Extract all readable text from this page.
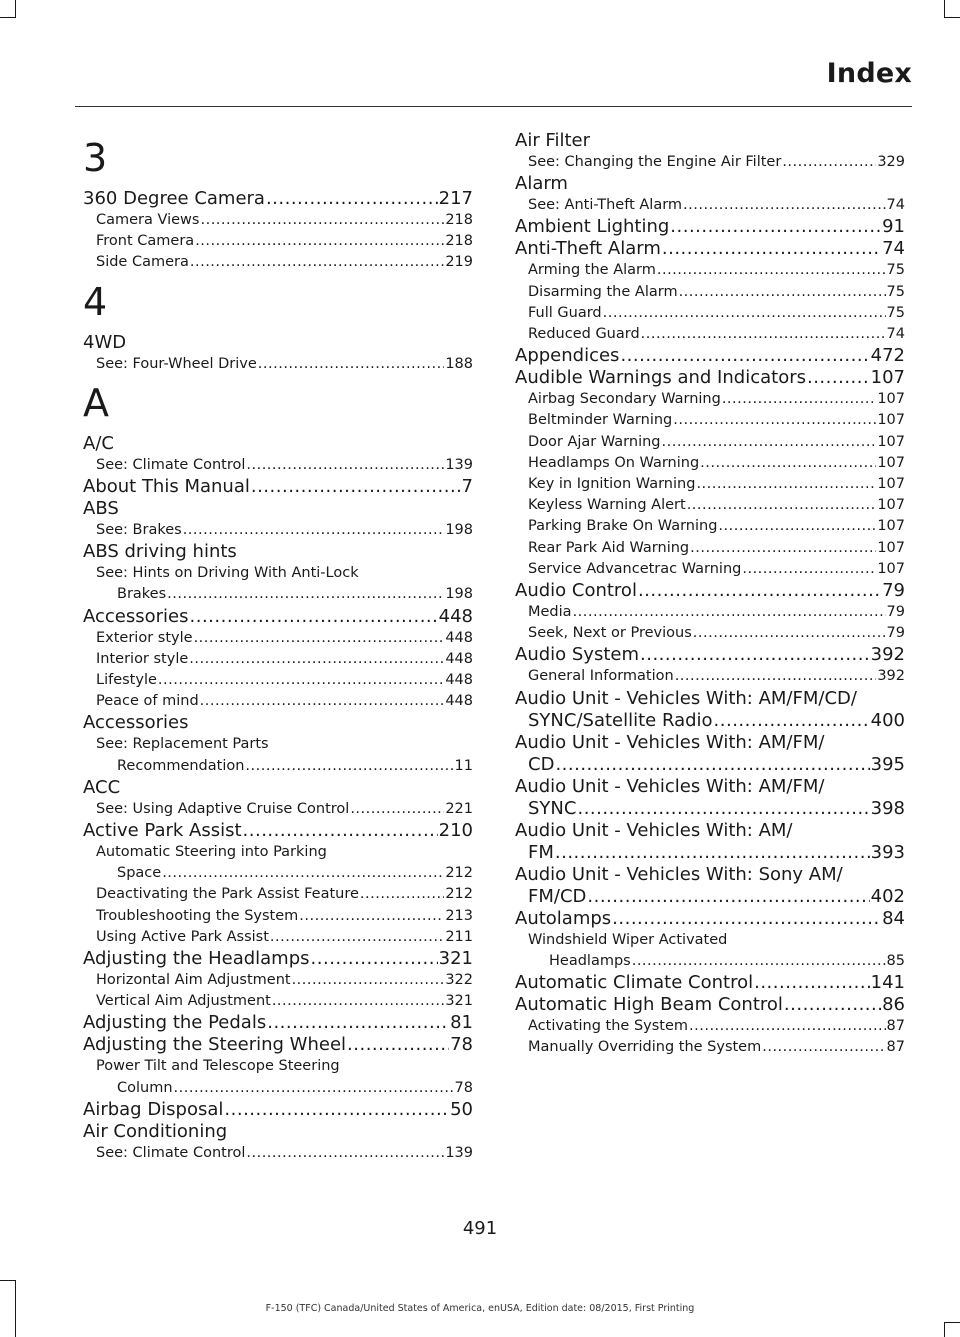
Index
3
360 Degree Camera .....	217
Camera Views .....	218
Front Camera .....	218
Side Camera .....	219
4
4WD
See: Four-Wheel Drive .....	188
A
A/C
See: Climate Control .....	139
About This Manual .....	7
ABS
See: Brakes .....	198
ABS driving hints
See: Hints on Driving With Anti-Lock
Brakes .....	198
Accessories .....	448
Exterior style .....	448
Interior style .....	448
Lifestyle .....	448
Peace of mind .....	448
Accessories
See: Replacement Parts
Recommendation .....	11
ACC
See: Using Adaptive Cruise Control .....	221
Active Park Assist .....	210
Automatic Steering into Parking
Space .....	212
Deactivating the Park Assist Feature .....	212
Troubleshooting the System .....	213
Using Active Park Assist .....	211
Adjusting the Headlamps .....	321
Horizontal Aim Adjustment .....	322
Vertical Aim Adjustment .....	321
Adjusting the Pedals .....	81
Adjusting the Steering Wheel .....	78
Power Tilt and Telescope Steering
Column .....	78
Airbag Disposal .....	50
Air Conditioning
See: Climate Control .....	139
Air Filter
See: Changing the Engine Air Filter .....	329
Alarm
See: Anti-Theft Alarm .....	74
Ambient Lighting .....	91
Anti-Theft Alarm .....	74
Arming the Alarm .....	75
Disarming the Alarm .....	75
Full Guard .....	75
Reduced Guard .....	74
Appendices .....	472
Audible Warnings and Indicators .....	107
Airbag Secondary Warning .....	107
Beltminder Warning .....	107
Door Ajar Warning .....	107
Headlamps On Warning .....	107
Key in Ignition Warning .....	107
Keyless Warning Alert .....	107
Parking Brake On Warning .....	107
Rear Park Aid Warning .....	107
Service Advancetrac Warning .....	107
Audio Control .....	79
Media .....	79
Seek, Next or Previous .....	79
Audio System .....	392
General Information .....	392
Audio Unit - Vehicles With: AM/FM/CD/
SYNC/Satellite Radio .....	400
Audio Unit - Vehicles With: AM/FM/
CD .....	395
Audio Unit - Vehicles With: AM/FM/
SYNC .....	398
Audio Unit - Vehicles With: AM/
FM .....	393
Audio Unit - Vehicles With: Sony AM/
FM/CD .....	402
Autolamps .....	84
Windshield Wiper Activated
Headlamps .....	85
Automatic Climate Control .....	141
Automatic High Beam Control .....	86
Activating the System .....	87
Manually Overriding the System .....	87
491
F-150 (TFC) Canada/United States of America, enUSA, Edition date: 08/2015, First Printing
